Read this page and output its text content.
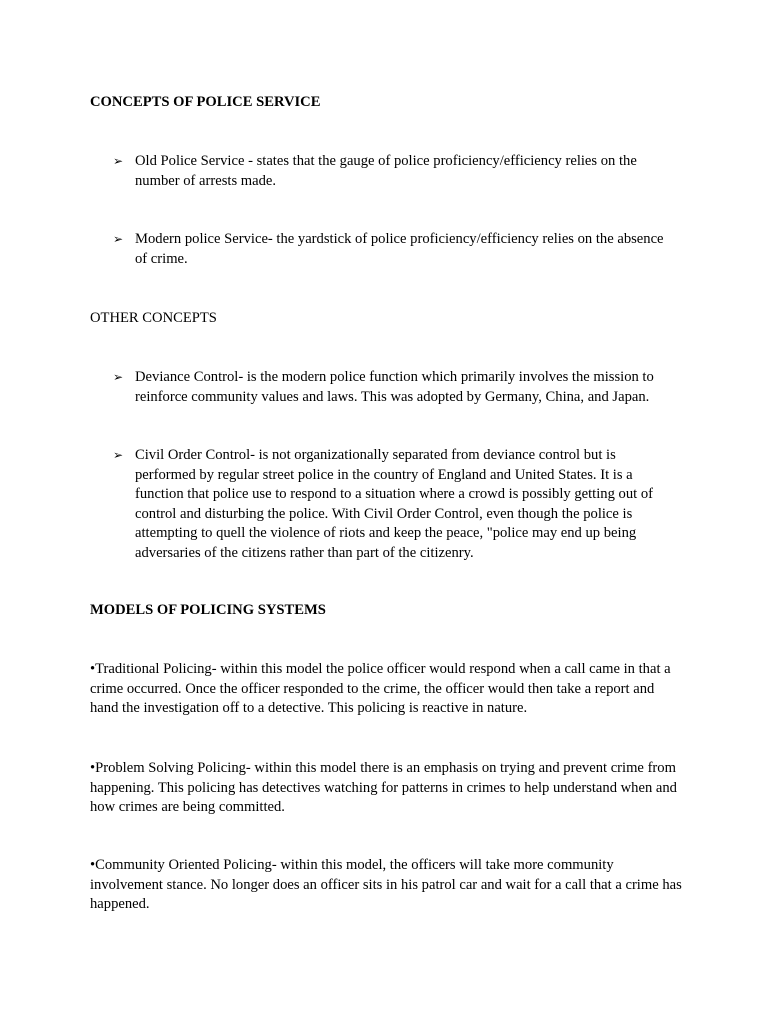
CONCEPTS OF POLICE SERVICE

➢ Old Police Service - states that the gauge of police proficiency/efficiency relies on the number of arrests made.
➢ Modern police Service- the yardstick of police proficiency/efficiency relies on the absence of crime.

OTHER CONCEPTS

➢ Deviance Control- is the modern police function which primarily involves the mission to reinforce community values and laws. This was adopted by Germany, China, and Japan.
➢ Civil Order Control- is not organizationally separated from deviance control but is performed by regular street police in the country of England and United States. It is a function that police use to respond to a situation where a crowd is possibly getting out of control and disturbing the police. With Civil Order Control, even though the police is attempting to quell the violence of riots and keep the peace, "police may end up being adversaries of the citizens rather than part of the citizenry.

MODELS OF POLICING SYSTEMS

•Traditional Policing- within this model the police officer would respond when a call came in that a crime occurred. Once the officer responded to the crime, the officer would then take a report and hand the investigation off to a detective. This policing is reactive in nature.

•Problem Solving Policing- within this model there is an emphasis on trying and prevent crime from happening. This policing has detectives watching for patterns in crimes to help understand when and how crimes are being committed.

•Community Oriented Policing- within this model, the officers will take more community involvement stance. No longer does an officer sits in his patrol car and wait for a call that a crime has happened.
